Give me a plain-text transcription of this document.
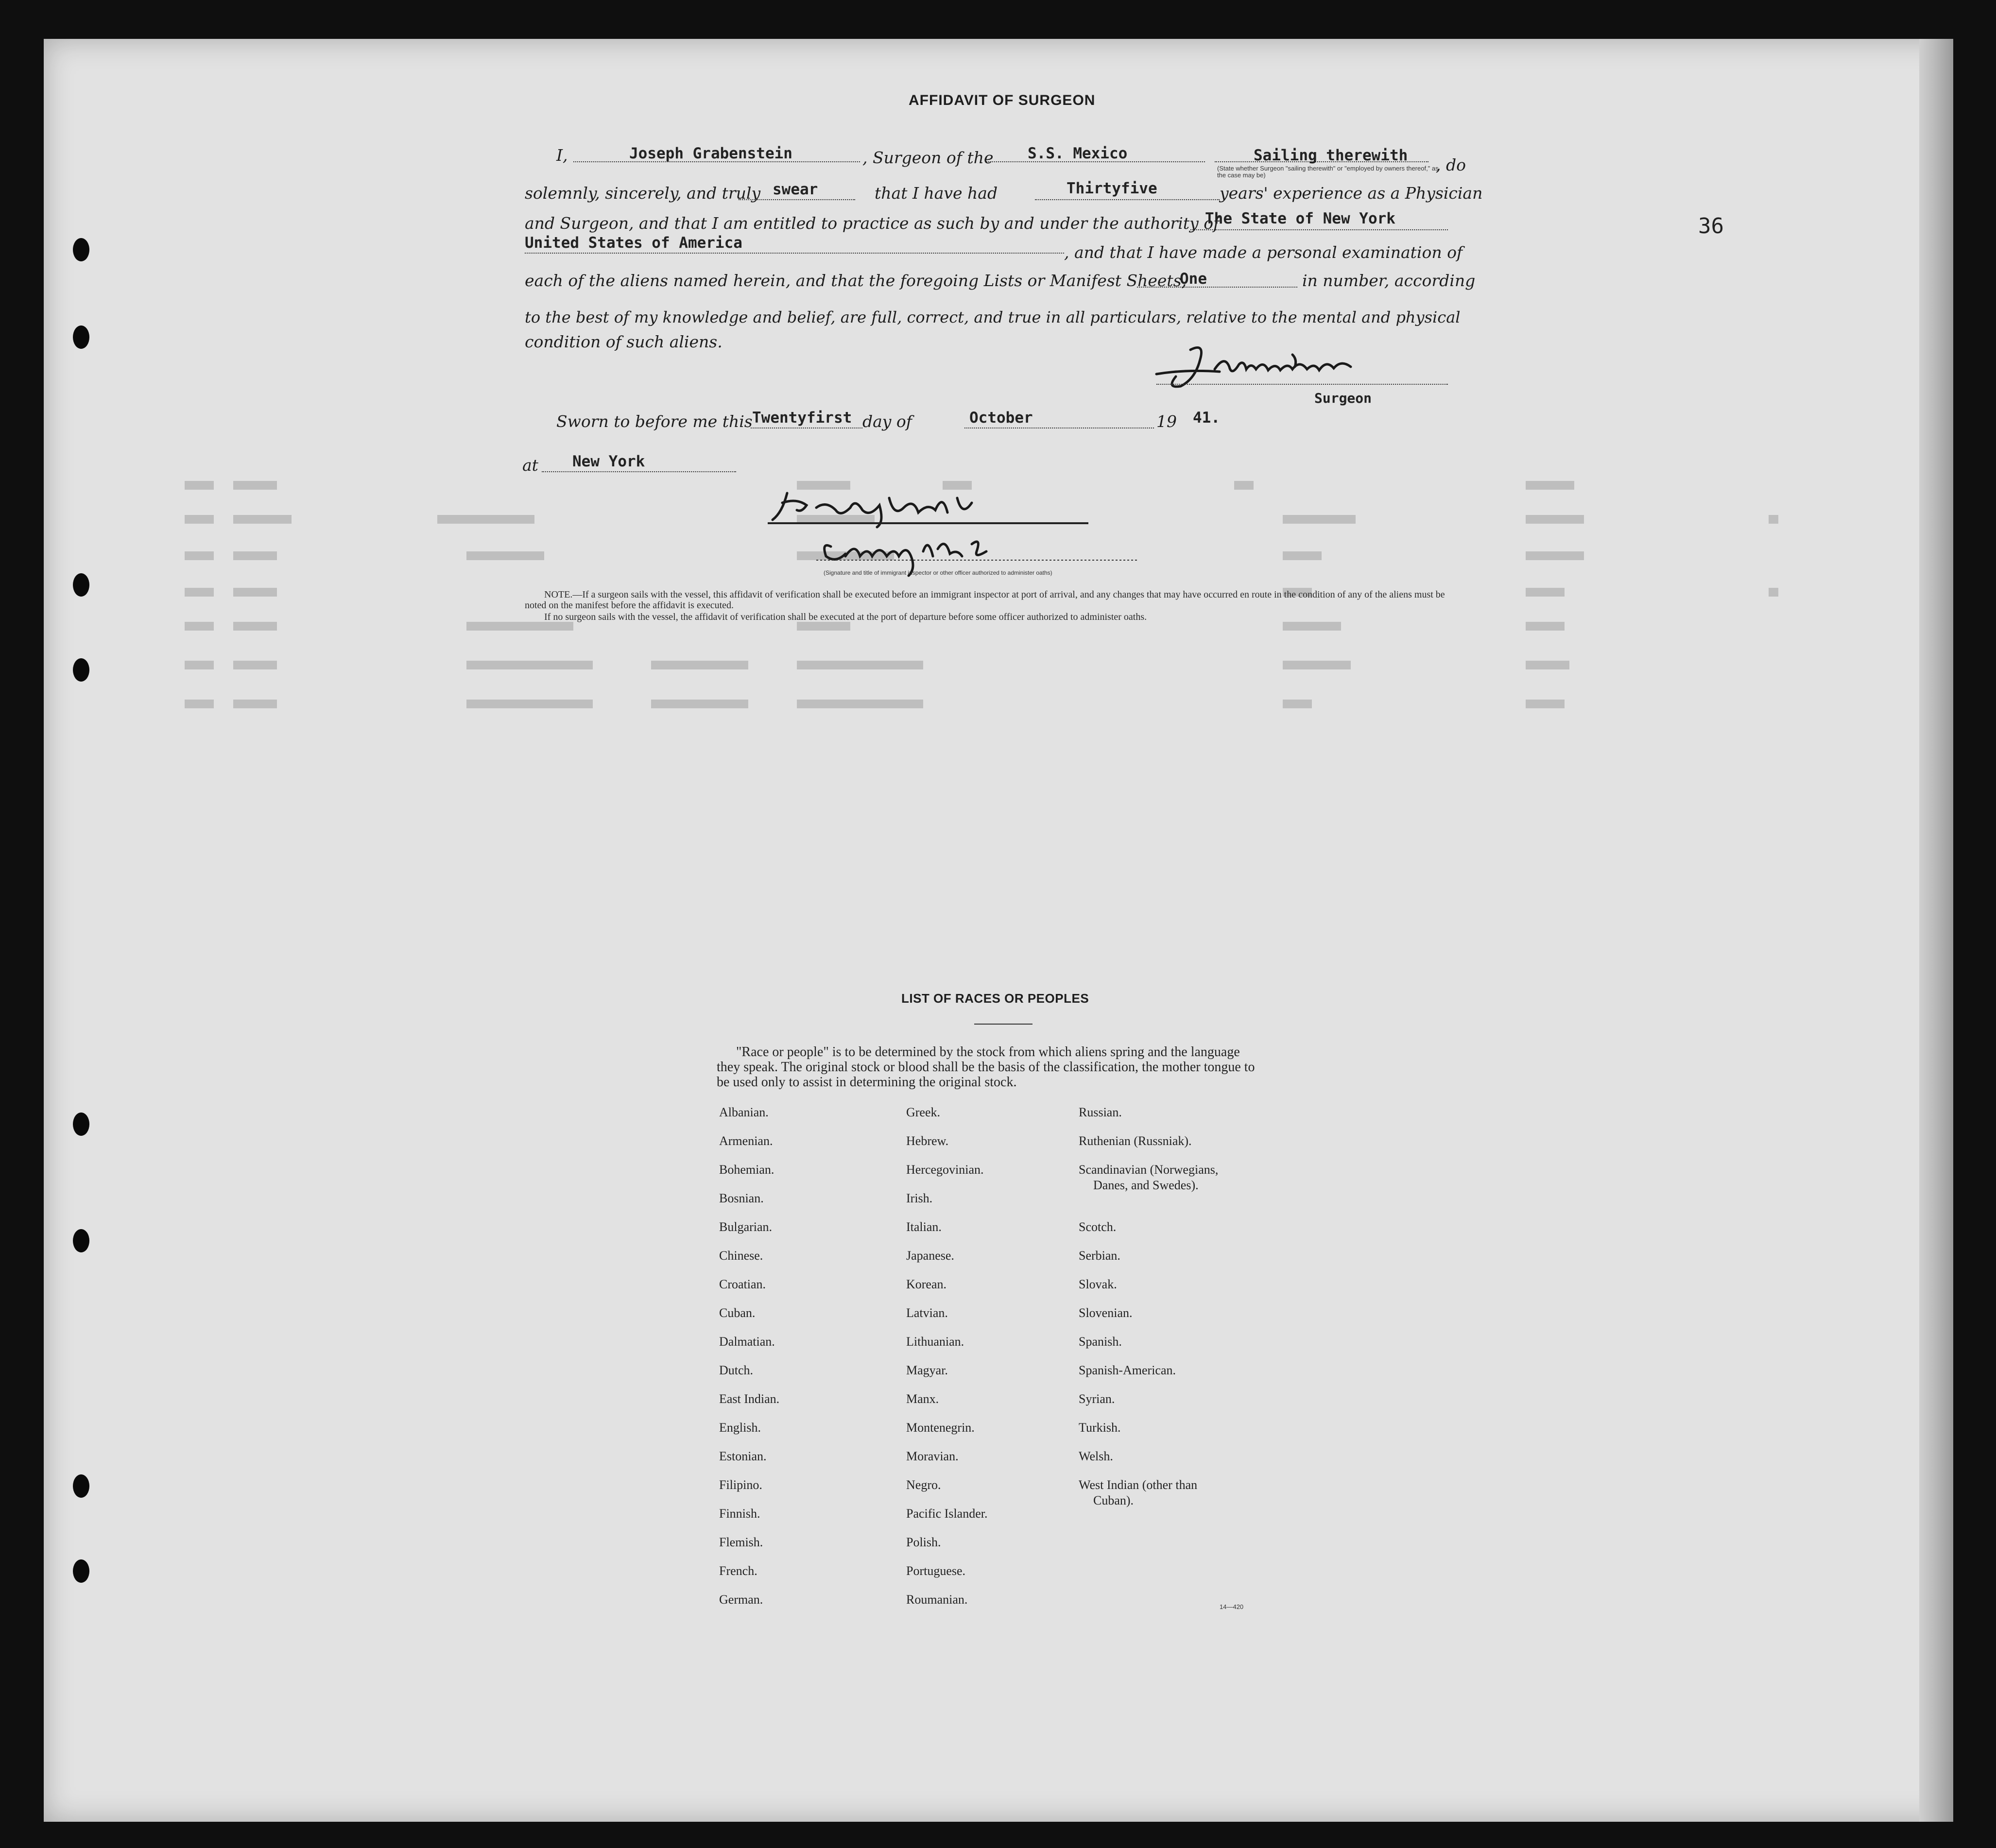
36
AFFIDAVIT OF SURGEON
I,	Joseph Grabenstein	, Surgeon of the S.S. Mexico	Sailing therewith
(State whether Surgeon "sailing therewith" or "employed by owners thereof," as the case may be)
, do
solemnly, sincerely, and truly swear	that I have had	Thirtyfive	years' experience as a Physician
and Surgeon, and that I am entitled to practice as such by and under the authority of
The State of New York
United States of America	, and that I have made a personal examination of
each of the aliens named herein, and that the foregoing Lists or Manifest Sheets,
One	in number, according
to the best of my knowledge and belief, are full, correct, and true in all particulars, relative to the mental and physical
condition of such aliens.
Surgeon
Sworn to before me this Twentyfirst day of	October	19 41.
at New York
(Signature and title of immigrant inspector or other officer authorized to administer oaths)
NOTE.—If a surgeon sails with the vessel, this affidavit of verification shall be executed before an immigrant inspector at port of arrival, and any changes that may have occurred en route in the condition of any of the aliens must be noted on the manifest before the affidavit is executed.
If no surgeon sails with the vessel, the affidavit of verification shall be executed at the port of departure before some officer authorized to administer oaths.
LIST OF RACES OR PEOPLES
"Race or people" is to be determined by the stock from which aliens spring and the language they speak. The original stock or blood shall be the basis of the classification, the mother tongue to be used only to assist in determining the original stock.
Albanian.
Armenian.
Bohemian.
Bosnian.
Bulgarian.
Chinese.
Croatian.
Cuban.
Dalmatian.
Dutch.
East Indian.
English.
Estonian.
Filipino.
Finnish.
Flemish.
French.
German.
Greek.
Hebrew.
Hercegovinian.
Irish.
Italian.
Japanese.
Korean.
Latvian.
Lithuanian.
Magyar.
Manx.
Montenegrin.
Moravian.
Negro.
Pacific Islander.
Polish.
Portuguese.
Roumanian.
Russian.
Ruthenian (Russniak).
Scandinavian (Norwegians,
Danes, and Swedes).
Scotch.
Serbian.
Slovak.
Slovenian.
Spanish.
Spanish-American.
Syrian.
Turkish.
Welsh.
West Indian (other than
Cuban).
14—420
